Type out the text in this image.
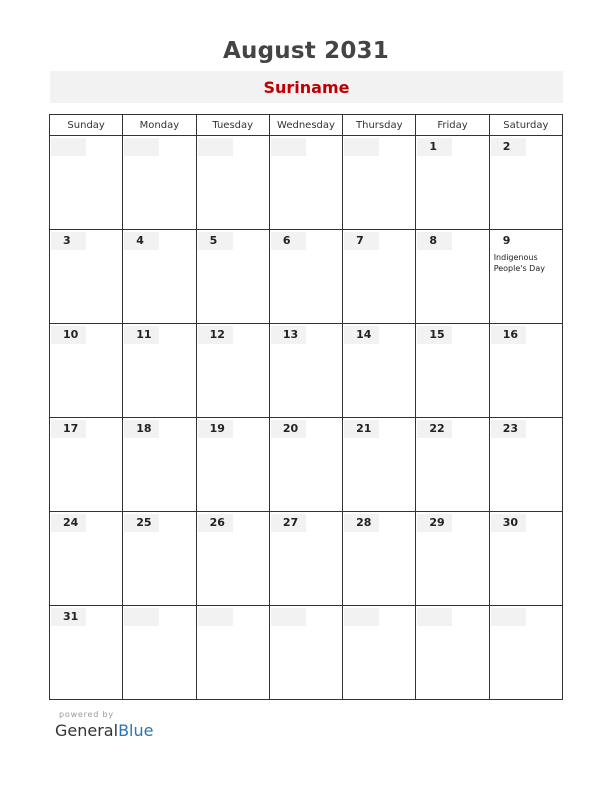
August 2031
Suriname
Sunday	Monday	Tuesday	Wednesday	Thursday	Friday	Saturday

					1	2

3	4	5	6	7	8	9
Indigenous People's Day

10	11	12	13	14	15	16

17	18	19	20	21	22	23

24	25	26	27	28	29	30

31						

powered by
GeneralBlue
